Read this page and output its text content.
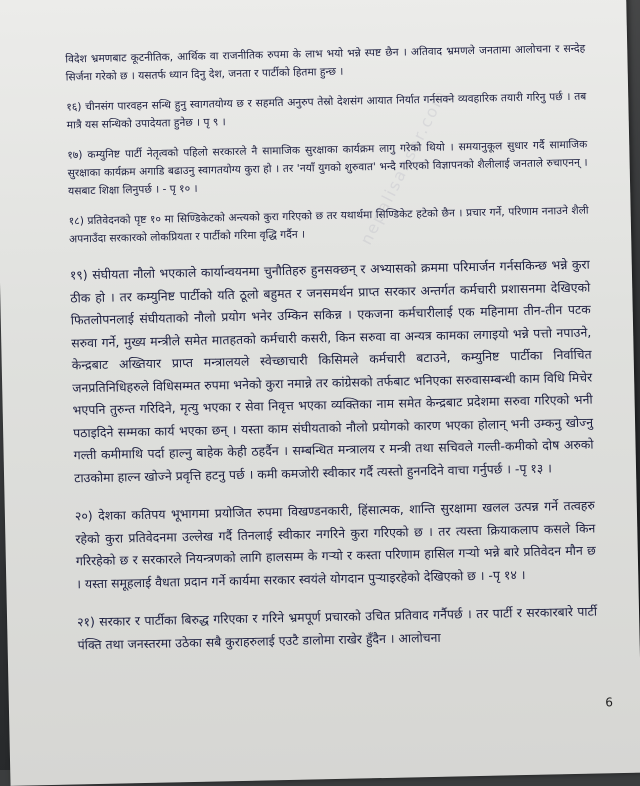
nepalisansar.com

विदेश भ्रमणबाट कूटनीतिक, आर्थिक वा राजनीतिक रुपमा के लाभ भयो भन्ने स्पष्ट छैन । अतिवाद भ्रमणले जनतामा आलोचना र सन्देह सिर्जना गरेको छ । यसतर्फ ध्यान दिनु देश, जनता र पार्टीको हितमा हुन्छ ।

१६) चीनसंग पारवहन सन्धि हुनु स्वागतयोग्य छ र सहमति अनुरुप तेस्रो देशसंग आयात निर्यात गर्नसक्ने व्यवहारिक तयारी गरिनु पर्छ । तब मात्रै यस सन्धिको उपादेयता हुनेछ । पृ ९ ।

१७) कम्युनिष्ट पार्टी नेतृत्वको पहिलो सरकारले नै सामाजिक सुरक्षाका कार्यक्रम लागु गरेको थियो । समयानुकूल सुधार गर्दै सामाजिक सुरक्षाका कार्यक्रम अगाडि बढाउनु स्वागतयोग्य कुरा हो । तर 'नयाँ युगको शुरुवात' भन्दै गरिएको विज्ञापनको शैलीलाई जनताले रुचाएनन् । यसबाट शिक्षा लिनुपर्छ । - पृ १० ।

१८) प्रतिवेदनको पृष्ट १० मा सिण्डिकेटको अन्त्यको कुरा गरिएको छ तर यथार्थमा सिण्डिकेट हटेको छैन । प्रचार गर्ने, परिणाम ननाउने शैली अपनाउँदा सरकारको लोकप्रियता र पार्टीको गरिमा वृद्धि गर्दैन ।

१९) संघीयता नौलो भएकाले कार्यान्वयनमा चुनौतिहरु हुनसक्छन् र अभ्यासको क्रममा परिमार्जन गर्नसकिन्छ भन्ने कुरा ठीक हो । तर कम्युनिष्ट पार्टीको यति ठूलो बहुमत र जनसमर्थन प्राप्त सरकार अन्तर्गत कर्मचारी प्रशासनमा देखिएको फितलोपनलाई संघीयताको नौलो प्रयोग भनेर उम्किन सकिन्न । एकजना कर्मचारीलाई एक महिनामा तीन-तीन पटक सरुवा गर्ने, मुख्य मन्त्रीले समेत मातहतको कर्मचारी कसरी, किन सरुवा वा अन्यत्र कामका लगाइयो भन्ने पत्तो नपाउने, केन्द्रबाट अख्तियार प्राप्त मन्त्रालयले स्वेच्छाचारी किसिमले कर्मचारी बटाउने, कम्युनिष्ट पार्टीका निर्वाचित जनप्रतिनिधिहरुले विधिसम्मत रुपमा भनेको कुरा नमान्ने तर कांग्रेसको तर्फबाट भनिएका सरुवासम्बन्धी काम विधि मिचेर भएपनि तुरुन्त गरिदिने, मृत्यु भएका र सेवा निवृत्त भएका व्यक्तिका नाम समेत केन्द्रबाट प्रदेशमा सरुवा गरिएको भनी पठाइदिने सम्मका कार्य भएका छन् । यस्ता काम संघीयताको नौलो प्रयोगको कारण भएका होलान् भनी उम्कनु खोज्नु गल्ती कमीमाथि पर्दा हाल्नु बाहेक केही ठहर्दैन । सम्बन्धित मन्त्रालय र मन्त्री तथा सचिवले गल्ती-कमीको दोष अरुको टाउकोमा हाल्न खोज्ने प्रवृत्ति हटनु पर्छ । कमी कमजोरी स्वीकार गर्दै त्यस्तो हुननदिने वाचा गर्नुपर्छ । -पृ १३ ।

२०) देशका कतिपय भूभागमा प्रयोजित रुपमा विखण्डनकारी, हिंसात्मक, शान्ति सुरक्षामा खलल उत्पन्न गर्ने तत्वहरु रहेको कुरा प्रतिवेदनमा उल्लेख गर्दै तिनलाई स्वीकार नगरिने कुरा गरिएको छ । तर त्यस्ता क्रियाकलाप कसले किन गरिरहेको छ र सरकारले नियन्त्रणको लागि हालसम्म के गऱ्यो र कस्ता परिणाम हासिल गऱ्यो भन्ने बारे प्रतिवेदन मौन छ । यस्ता समूहलाई वैधता प्रदान गर्ने कार्यमा सरकार स्वयंले योगदान पुऱ्याइरहेको देखिएको छ । -पृ १४ ।

२१) सरकार र पार्टीका बिरुद्ध गरिएका र गरिने भ्रमपूर्ण प्रचारको उचित प्रतिवाद गर्नैपर्छ । तर पार्टी र सरकारबारे पार्टी पंक्ति तथा जनस्तरमा उठेका सबै कुराहरुलाई एउटै डालोमा राखेर हुँदैन । आलोचना

6
